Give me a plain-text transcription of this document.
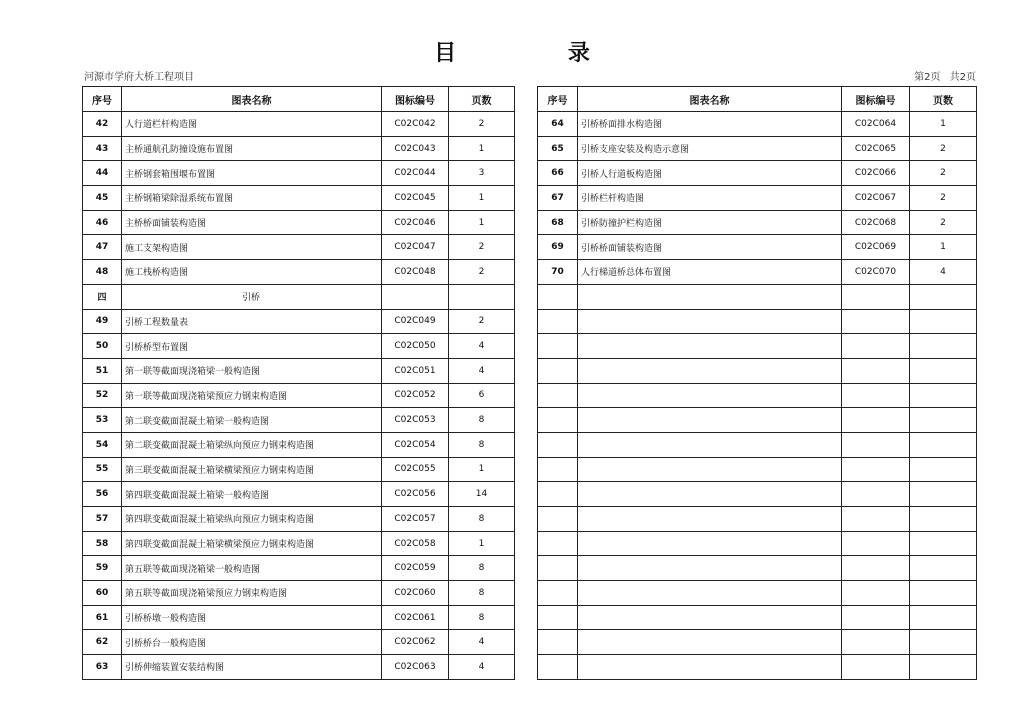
目 录
河源市学府大桥工程项目	第2页 共2页
序号	图表名称	图标编号	页数
42	人行道栏杆构造图	C02C042	2
43	主桥通航孔防撞设施布置图	C02C043	1
44	主桥钢套箱围堰布置图	C02C044	3
45	主桥钢箱梁除湿系统布置图	C02C045	1
46	主桥桥面铺装构造图	C02C046	1
47	施工支架构造图	C02C047	2
48	施工栈桥构造图	C02C048	2
四	引桥		
49	引桥工程数量表	C02C049	2
50	引桥桥型布置图	C02C050	4
51	第一联等截面现浇箱梁一般构造图	C02C051	4
52	第一联等截面现浇箱梁预应力钢束构造图	C02C052	6
53	第二联变截面混凝土箱梁一般构造图	C02C053	8
54	第二联变截面混凝土箱梁纵向预应力钢束构造图	C02C054	8
55	第三联变截面混凝土箱梁横梁预应力钢束构造图	C02C055	1
56	第四联变截面混凝土箱梁一般构造图	C02C056	14
57	第四联变截面混凝土箱梁纵向预应力钢束构造图	C02C057	8
58	第四联变截面混凝土箱梁横梁预应力钢束构造图	C02C058	1
59	第五联等截面现浇箱梁一般构造图	C02C059	8
60	第五联等截面现浇箱梁预应力钢束构造图	C02C060	8
61	引桥桥墩一般构造图	C02C061	8
62	引桥桥台一般构造图	C02C062	4
63	引桥伸缩装置安装结构图	C02C063	4
序号	图表名称	图标编号	页数
64	引桥桥面排水构造图	C02C064	1
65	引桥支座安装及构造示意图	C02C065	2
66	引桥人行道板构造图	C02C066	2
67	引桥栏杆构造图	C02C067	2
68	引桥防撞护栏构造图	C02C068	2
69	引桥桥面铺装构造图	C02C069	1
70	人行梯道桥总体布置图	C02C070	4
